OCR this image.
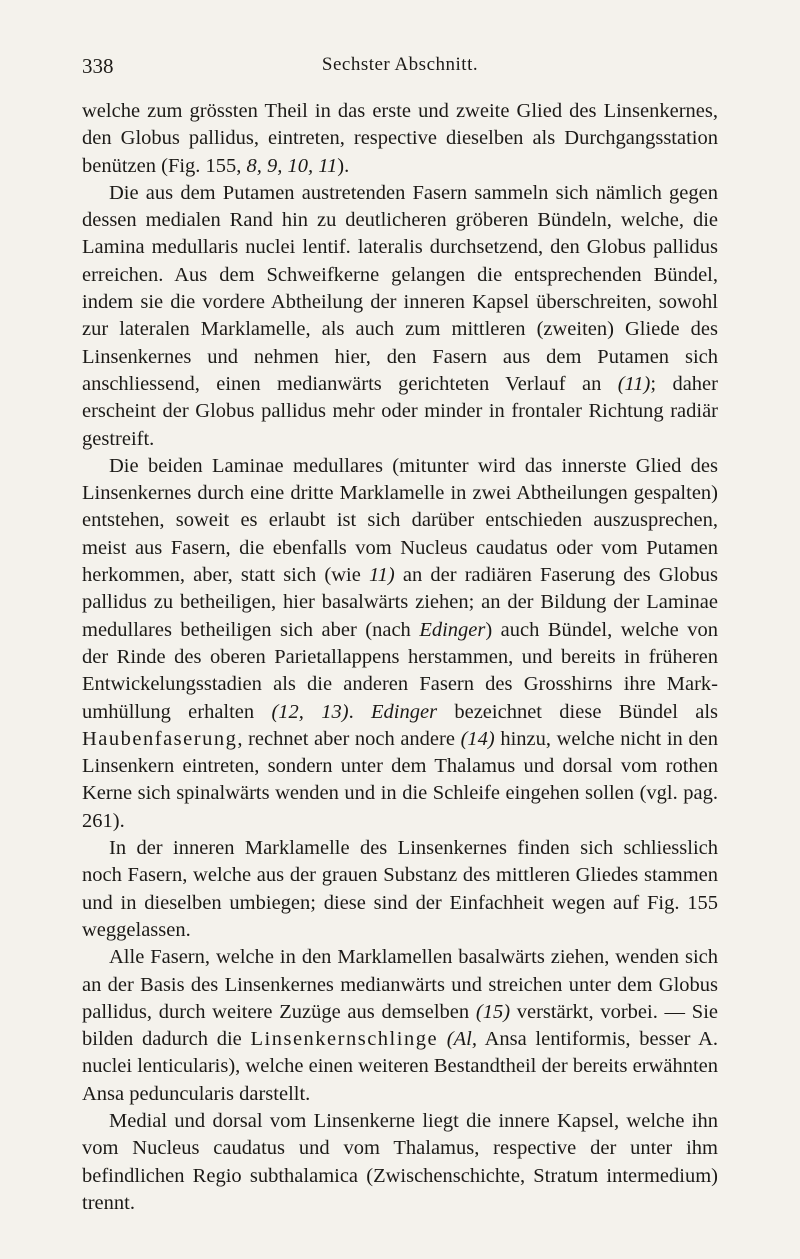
338	Sechster Abschnitt.

welche zum grössten Theil in das erste und zweite Glied des Linsenkernes, den Globus pallidus, eintreten, respective dieselben als Durchgangsstation benützen (Fig. 155, 8, 9, 10, 11).

Die aus dem Putamen austretenden Fasern sammeln sich nämlich gegen dessen medialen Rand hin zu deutlicheren gröberen Bündeln, welche, die Lamina medullaris nuclei lentif. lateralis durchsetzend, den Globus pallidus erreichen. Aus dem Schweifkerne gelangen die entsprechenden Bündel, indem sie die vordere Abtheilung der inneren Kapsel überschreiten, sowohl zur lateralen Marklamelle, als auch zum mittleren (zweiten) Gliede des Linsenkernes und nehmen hier, den Fasern aus dem Putamen sich anschliessend, einen medianwärts gerichteten Verlauf an (11); daher erscheint der Globus pallidus mehr oder minder in frontaler Richtung radiär gestreift.

Die beiden Laminae medullares (mitunter wird das innerste Glied des Linsenkernes durch eine dritte Marklamelle in zwei Abtheilungen gespalten) entstehen, soweit es erlaubt ist sich darüber entschieden auszusprechen, meist aus Fasern, die ebenfalls vom Nucleus caudatus oder vom Putamen herkommen, aber, statt sich (wie 11) an der radiären Faserung des Globus pallidus zu betheiligen, hier basalwärts ziehen; an der Bildung der Laminae medullares betheiligen sich aber (nach Edinger) auch Bündel, welche von der Rinde des oberen Parietallappens herstammen, und bereits in früheren Entwickelungsstadien als die anderen Fasern des Grosshirns ihre Markumhüllung erhalten (12, 13). Edinger bezeichnet diese Bündel als Haubenfaserung, rechnet aber noch andere (14) hinzu, welche nicht in den Linsenkern eintreten, sondern unter dem Thalamus und dorsal vom rothen Kerne sich spinalwärts wenden und in die Schleife eingehen sollen (vgl. pag. 261).

In der inneren Marklamelle des Linsenkernes finden sich schliesslich noch Fasern, welche aus der grauen Substanz des mittleren Gliedes stammen und in dieselben umbiegen; diese sind der Einfachheit wegen auf Fig. 155 weggelassen.

Alle Fasern, welche in den Marklamellen basalwärts ziehen, wenden sich an der Basis des Linsenkernes medianwärts und streichen unter dem Globus pallidus, durch weitere Zuzüge aus demselben (15) verstärkt, vorbei. — Sie bilden dadurch die Linsenkernschlinge (Al, Ansa lentiformis, besser A. nuclei lenticularis), welche einen weiteren Bestandtheil der bereits erwähnten Ansa peduncularis darstellt.

Medial und dorsal vom Linsenkerne liegt die innere Kapsel, welche ihn vom Nucleus caudatus und vom Thalamus, respective der unter ihm befindlichen Regio subthalamica (Zwischenschichte, Stratum intermedium) trennt.
